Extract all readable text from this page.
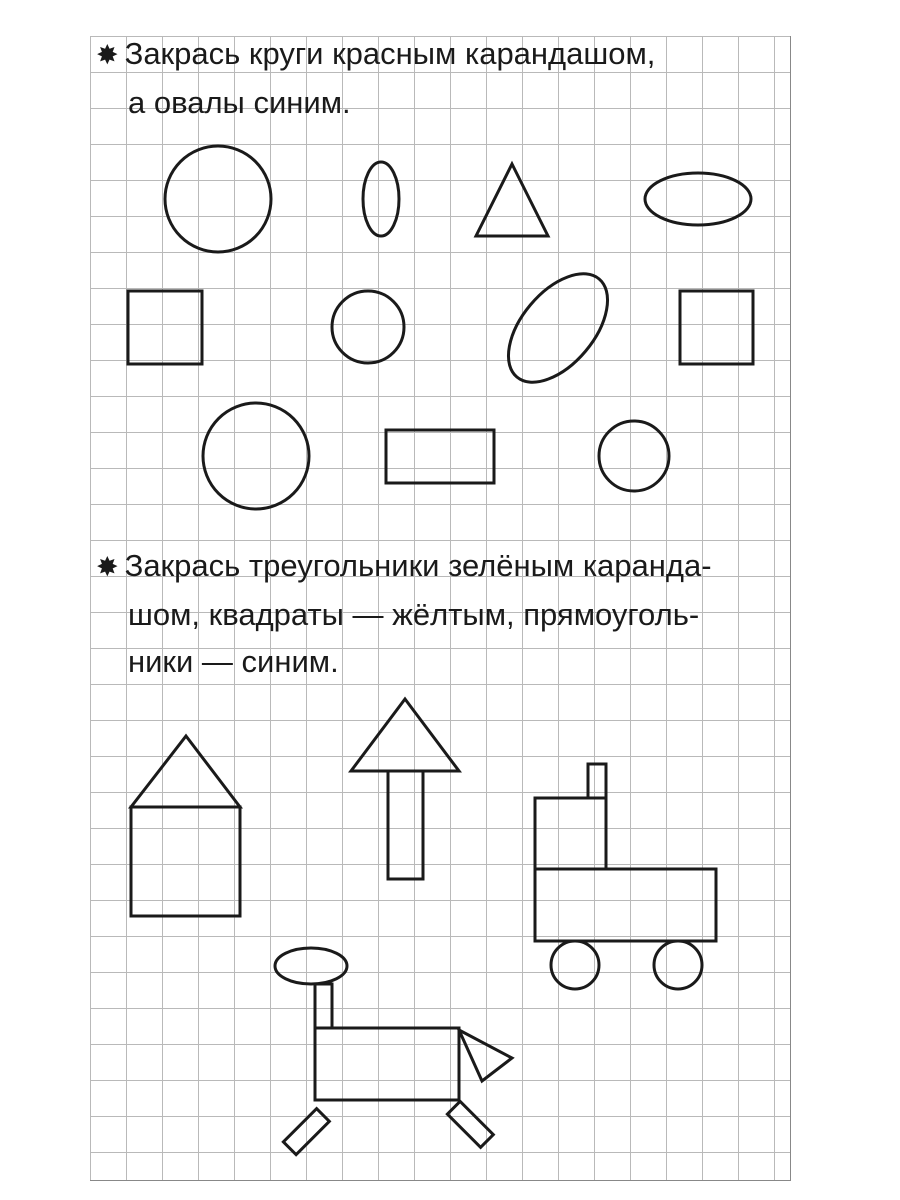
✸ Закрась круги красным карандашом,
а овалы синим.
✸ Закрась треугольники зелёным каранда-
шом, квадраты — жёлтым, прямоуголь-
ники — синим.
